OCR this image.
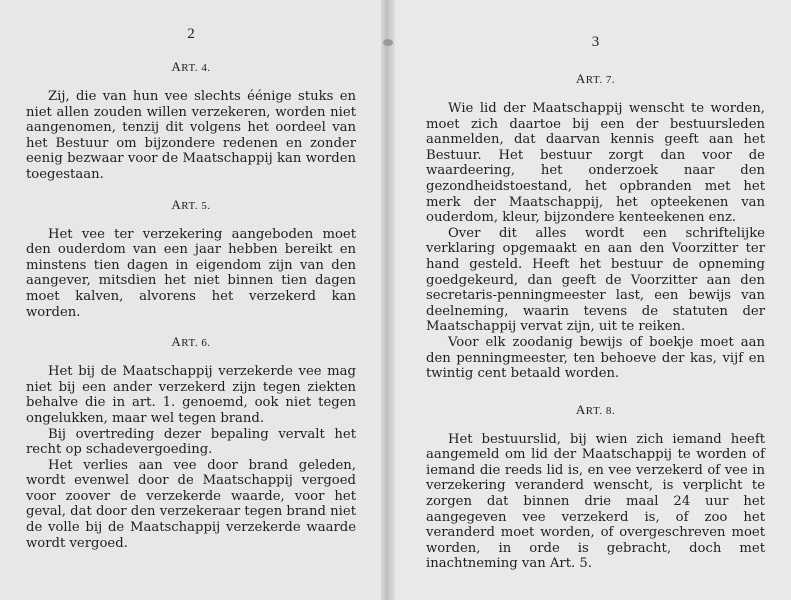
2
ART. 4.

Zij, die van hun vee slechts éénige stuks en niet allen zouden willen verzekeren, worden niet aangenomen, tenzij dit volgens het oordeel van het Bestuur om bijzondere redenen en zonder eenig bezwaar voor de Maatschappij kan worden toegestaan.

ART. 5.

Het vee ter verzekering aangeboden moet den ouderdom van een jaar hebben bereikt en minstens tien dagen in eigendom zijn van den aangever, mitsdien het niet binnen tien dagen moet kalven, alvorens het verzekerd kan worden.

ART. 6.

Het bij de Maatschappij verzekerde vee mag niet bij een ander verzekerd zijn tegen ziekten behalve die in art. 1. genoemd, ook niet tegen ongelukken, maar wel tegen brand.

Bij overtreding dezer bepaling vervalt het recht op schadevergoeding.

Het verlies aan vee door brand geleden, wordt evenwel door de Maatschappij vergoed voor zoover de verzekerde waarde, voor het geval, dat door den verzekeraar tegen brand niet de volle bij de Maatschappij verzekerde waarde wordt vergoed.

3
ART. 7.

Wie lid der Maatschappij wenscht te worden, moet zich daartoe bij een der bestuursleden aanmelden, dat daarvan kennis geeft aan het Bestuur. Het bestuur zorgt dan voor de waardeering, het onderzoek naar den gezondheidstoestand, het opbranden met het merk der Maatschappij, het opteekenen van ouderdom, kleur, bijzondere kenteekenen enz.

Over dit alles wordt een schriftelijke verklaring opgemaakt en aan den Voorzitter ter hand gesteld. Heeft het bestuur de opneming goedgekeurd, dan geeft de Voorzitter aan den secretaris-penningmeester last, een bewijs van deelneming, waarin tevens de statuten der Maatschappij vervat zijn, uit te reiken.

Voor elk zoodanig bewijs of boekje moet aan den penningmeester, ten behoeve der kas, vijf en twintig cent betaald worden.

ART. 8.

Het bestuurslid, bij wien zich iemand heeft aangemeld om lid der Maatschappij te worden of iemand die reeds lid is, en vee verzekerd of vee in verzekering veranderd wenscht, is verplicht te zorgen dat binnen drie maal 24 uur het aangegeven vee verzekerd is, of zoo het veranderd moet worden, of overgeschreven moet worden, in orde is gebracht, doch met inachtneming van Art. 5.
